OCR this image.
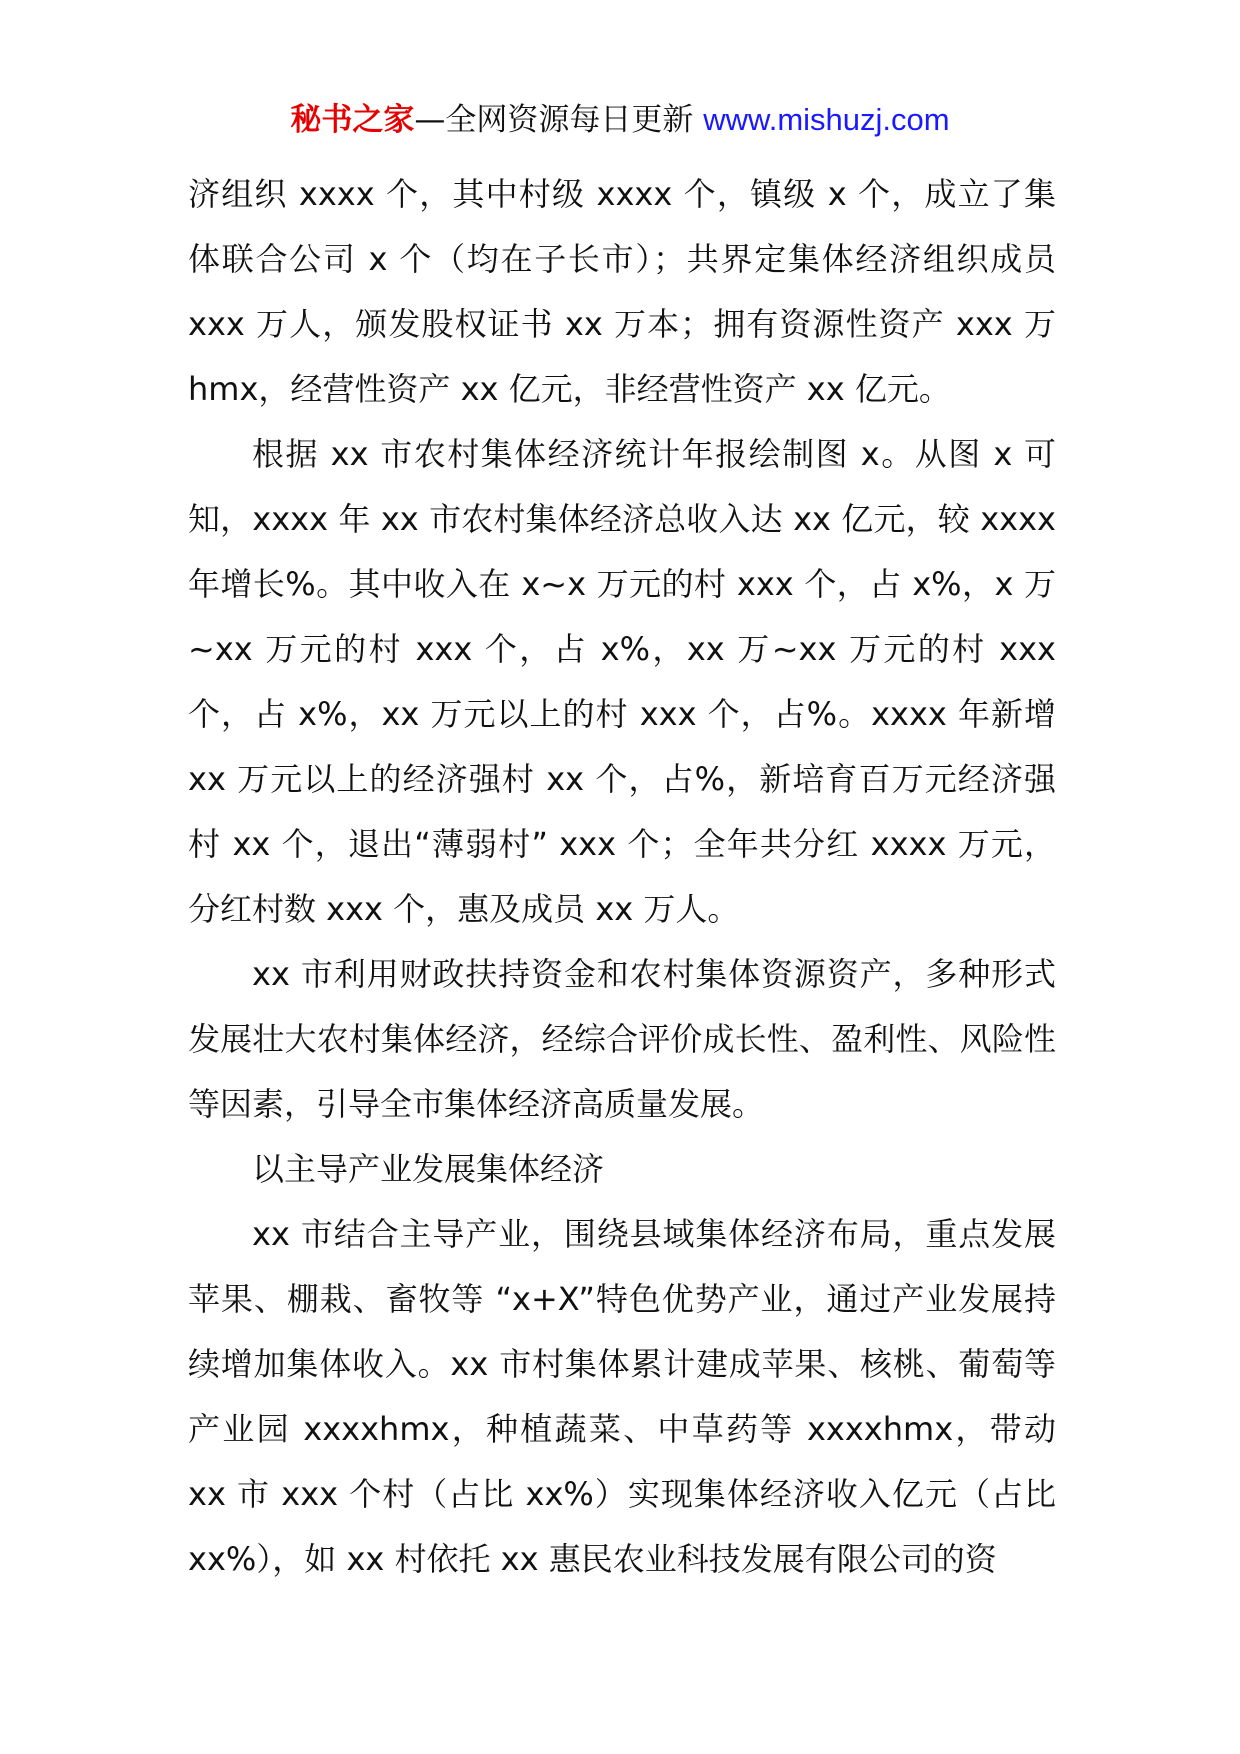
秘书之家—全网资源每日更新 www.mishuzj.com

济组织 xxxx 个，其中村级 xxxx 个，镇级 x 个，成立了集体联合公司 x 个（均在子长市）；共界定集体经济组织成员 xxx 万人，颁发股权证书 xx 万本；拥有资源性资产 xxx 万 hmx，经营性资产 xx 亿元，非经营性资产 xx 亿元。

根据 xx 市农村集体经济统计年报绘制图 x。从图 x 可知，xxxx 年 xx 市农村集体经济总收入达 xx 亿元，较 xxxx 年增长%。其中收入在 x~x 万元的村 xxx 个，占 x%，x 万~xx 万元的村 xxx 个，占 x%，xx 万~xx 万元的村 xxx 个，占 x%，xx 万元以上的村 xxx 个，占%。xxxx 年新增 xx 万元以上的经济强村 xx 个，占%，新培育百万元经济强村 xx 个，退出“薄弱村” xxx 个；全年共分红 xxxx 万元，分红村数 xxx 个，惠及成员 xx 万人。

xx 市利用财政扶持资金和农村集体资源资产，多种形式发展壮大农村集体经济，经综合评价成长性、盈利性、风险性等因素，引导全市集体经济高质量发展。

以主导产业发展集体经济

xx 市结合主导产业，围绕县域集体经济布局，重点发展苹果、棚栽、畜牧等 “x+X”特色优势产业，通过产业发展持续增加集体收入。xx 市村集体累计建成苹果、核桃、葡萄等产业园 xxxxhmx，种植蔬菜、中草药等 xxxxhmx，带动 xx 市 xxx 个村（占比 xx%）实现集体经济收入亿元（占比 xx%），如 xx 村依托 xx 惠民农业科技发展有限公司的资
